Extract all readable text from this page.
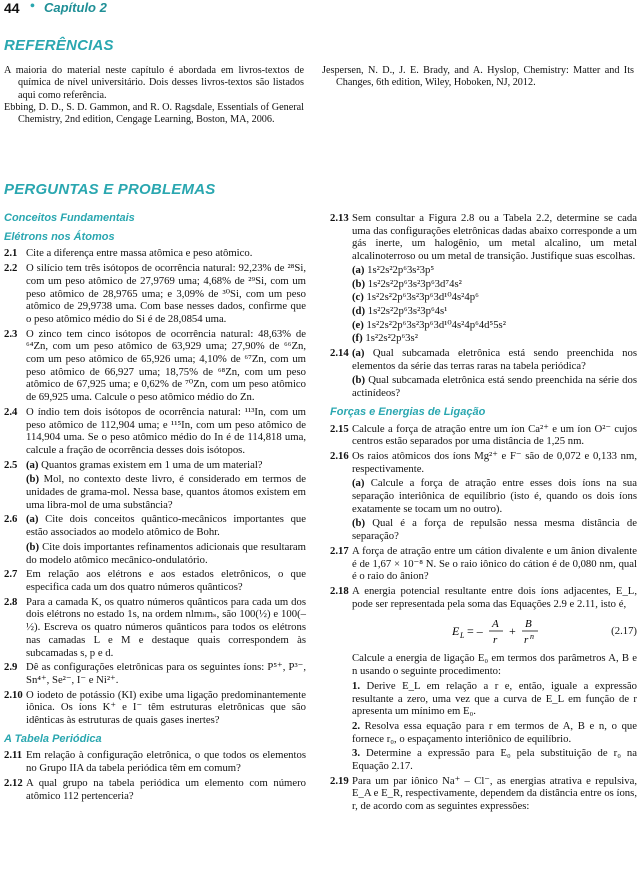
44 • Capítulo 2
REFERÊNCIAS
A maioria do material neste capítulo é abordada em livros-textos de química de nível universitário. Dois desses livros-textos são listados aqui como referência.
Ebbing, D. D., S. D. Gammon, and R. O. Ragsdale, Essentials of General Chemistry, 2nd edition, Cengage Learning, Boston, MA, 2006.
Jespersen, N. D., J. E. Brady, and A. Hyslop, Chemistry: Matter and Its Changes, 6th edition, Wiley, Hoboken, NJ, 2012.
PERGUNTAS E PROBLEMAS
Conceitos Fundamentais
Elétrons nos Átomos
2.1 Cite a diferença entre massa atômica e peso atômico.
2.2 O silício tem três isótopos de ocorrência natural: 92,23% de ²⁸Si, com um peso atômico de 27,9769 uma; 4,68% de ²⁹Si, com um peso atômico de 28,9765 uma; e 3,09% de ³⁰Si, com um peso atômico de 29,9738 uma. Com base nesses dados, confirme que o peso atômico médio do Si é de 28,0854 uma.
2.3 O zinco tem cinco isótopos de ocorrência natural: 48,63% de ⁶⁴Zn, com um peso atômico de 63,929 uma; 27,90% de ⁶⁶Zn, com um peso atômico de 65,926 uma; 4,10% de ⁶⁷Zn, com um peso atômico de 66,927 uma; 18,75% de ⁶⁸Zn, com um peso atômico de 67,925 uma; e 0,62% de ⁷⁰Zn, com um peso atômico de 69,925 uma. Calcule o peso atômico médio do Zn.
2.4 O índio tem dois isótopos de ocorrência natural: ¹¹³In, com um peso atômico de 112,904 uma; e ¹¹⁵In, com um peso atômico de 114,904 uma. Se o peso atômico médio do In é de 114,818 uma, calcule a fração de ocorrência desses dois isótopos.
2.5 (a) Quantos gramas existem em 1 uma de um material?
(b) Mol, no contexto deste livro, é considerado em termos de unidades de grama-mol. Nessa base, quantos átomos existem em uma libra-mol de uma substância?
2.6 (a) Cite dois conceitos quântico-mecânicos importantes que estão associados ao modelo atômico de Bohr.
(b) Cite dois importantes refinamentos adicionais que resultaram do modelo atômico mecânico-ondulatório.
2.7 Em relação aos elétrons e aos estados eletrônicos, o que especifica cada um dos quatro números quânticos?
2.8 Para a camada K, os quatro números quânticos para cada um dos dois elétrons no estado 1s, na ordem nlmₗmₛ, são 100(½) e 100(–½). Escreva os quatro números quânticos para todos os elétrons nas camadas L e M e destaque quais correspondem às subcamadas s, p e d.
2.9 Dê as configurações eletrônicas para os seguintes íons: P⁵⁺, P³⁻, Sn⁴⁺, Se²⁻, I⁻ e Ni²⁺.
2.10 O iodeto de potássio (KI) exibe uma ligação predominantemente iônica. Os íons K⁺ e I⁻ têm estruturas eletrônicas que são idênticas às estruturas de quais gases inertes?
A Tabela Periódica
2.11 Em relação à configuração eletrônica, o que todos os elementos no Grupo IIA da tabela periódica têm em comum?
2.12 A qual grupo na tabela periódica um elemento com número atômico 112 pertenceria?
2.13 Sem consultar a Figura 2.8 ou a Tabela 2.2, determine se cada uma das configurações eletrônicas dadas abaixo corresponde a um gás inerte, um halogênio, um metal alcalino, um metal alcalinoterroso ou um metal de transição. Justifique suas escolhas.
(a) 1s²2s²2p⁶3s²3p⁵
(b) 1s²2s²2p⁶3s²3p⁶3d⁷4s²
(c) 1s²2s²2p⁶3s²3p⁶3d¹⁰4s²4p⁶
(d) 1s²2s²2p⁶3s²3p⁶4s¹
(e) 1s²2s²2p⁶3s²3p⁶3d¹⁰4s²4p⁶4d⁵5s²
(f) 1s²2s²2p⁶3s²
2.14 (a) Qual subcamada eletrônica está sendo preenchida nos elementos da série das terras raras na tabela periódica?
(b) Qual subcamada eletrônica está sendo preenchida na série dos actinídeos?
Forças e Energias de Ligação
2.15 Calcule a força de atração entre um íon Ca²⁺ e um íon O²⁻ cujos centros estão separados por uma distância de 1,25 nm.
2.16 Os raios atômicos dos íons Mg²⁺ e F⁻ são de 0,072 e 0,133 nm, respectivamente.
(a) Calcule a força de atração entre esses dois íons na sua separação interiônica de equilíbrio (isto é, quando os dois íons exatamente se tocam um no outro).
(b) Qual é a força de repulsão nessa mesma distância de separação?
2.17 A força de atração entre um cátion divalente e um ânion divalente é de 1,67 × 10⁻⁸ N. Se o raio iônico do cátion é de 0,080 nm, qual é o raio do ânion?
2.18 A energia potencial resultante entre dois íons adjacentes, E_L, pode ser representada pela soma das Equações 2.9 e 2.11, isto é,
E L = – A
r
+ B
r n	(2.17)
Calcule a energia de ligação E₀ em termos dos parâmetros A, B e n usando o seguinte procedimento:
1. Derive E_L em relação a r e, então, iguale a expressão resultante a zero, uma vez que a curva de E_L em função de r apresenta um mínimo em E₀.
2. Resolva essa equação para r em termos de A, B e n, o que fornece r₀, o espaçamento interiônico de equilíbrio.
3. Determine a expressão para E₀ pela substituição de r₀ na Equação 2.17.
2.19 Para um par iônico Na⁺ – Cl⁻, as energias atrativa e repulsiva, E_A e E_R, respectivamente, dependem da distância entre os íons, r, de acordo com as seguintes expressões:
